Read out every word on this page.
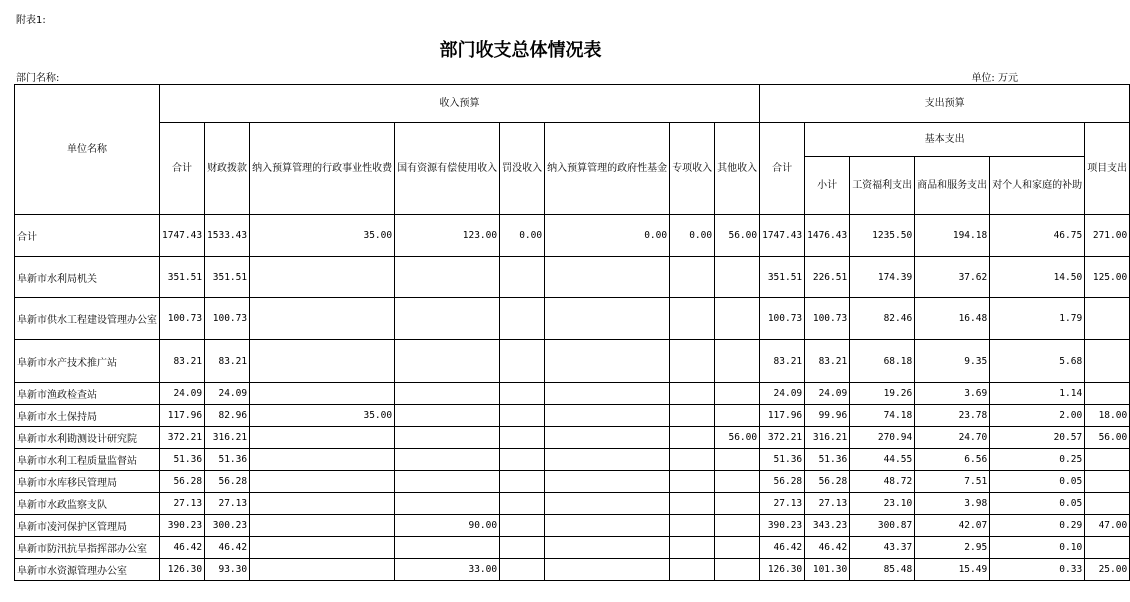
附表1:
部门收支总体情况表
部门名称:	单位: 万元
单位名称	收入预算								支出预算					
	合计	财政拨款	纳入预算管理的行政事业性收费	国有资源有偿使用收入	罚没收入	纳入预算管理的政府性基金	专项收入	其他收入	合计	基本支出				项目支出
										小计	工资福利支出	商品和服务支出	对个人和家庭的补助	
合计	1747.43	1533.43	35.00	123.00	0.00	0.00	0.00	56.00	1747.43	1476.43	1235.50	194.18	46.75	271.00
阜新市水利局机关	351.51	351.51							351.51	226.51	174.39	37.62	14.50	125.00
阜新市供水工程建设管理办公室	100.73	100.73							100.73	100.73	82.46	16.48	1.79	
阜新市水产技术推广站	83.21	83.21							83.21	83.21	68.18	9.35	5.68	
阜新市渔政检查站	24.09	24.09							24.09	24.09	19.26	3.69	1.14	
阜新市水土保持局	117.96	82.96	35.00						117.96	99.96	74.18	23.78	2.00	18.00
阜新市水利勘测设计研究院	372.21	316.21						56.00	372.21	316.21	270.94	24.70	20.57	56.00
阜新市水利工程质量监督站	51.36	51.36							51.36	51.36	44.55	6.56	0.25	
阜新市水库移民管理局	56.28	56.28							56.28	56.28	48.72	7.51	0.05	
阜新市水政监察支队	27.13	27.13							27.13	27.13	23.10	3.98	0.05	
阜新市凌河保护区管理局	390.23	300.23		90.00					390.23	343.23	300.87	42.07	0.29	47.00
阜新市防汛抗旱指挥部办公室	46.42	46.42							46.42	46.42	43.37	2.95	0.10	
阜新市水资源管理办公室	126.30	93.30		33.00					126.30	101.30	85.48	15.49	0.33	25.00
